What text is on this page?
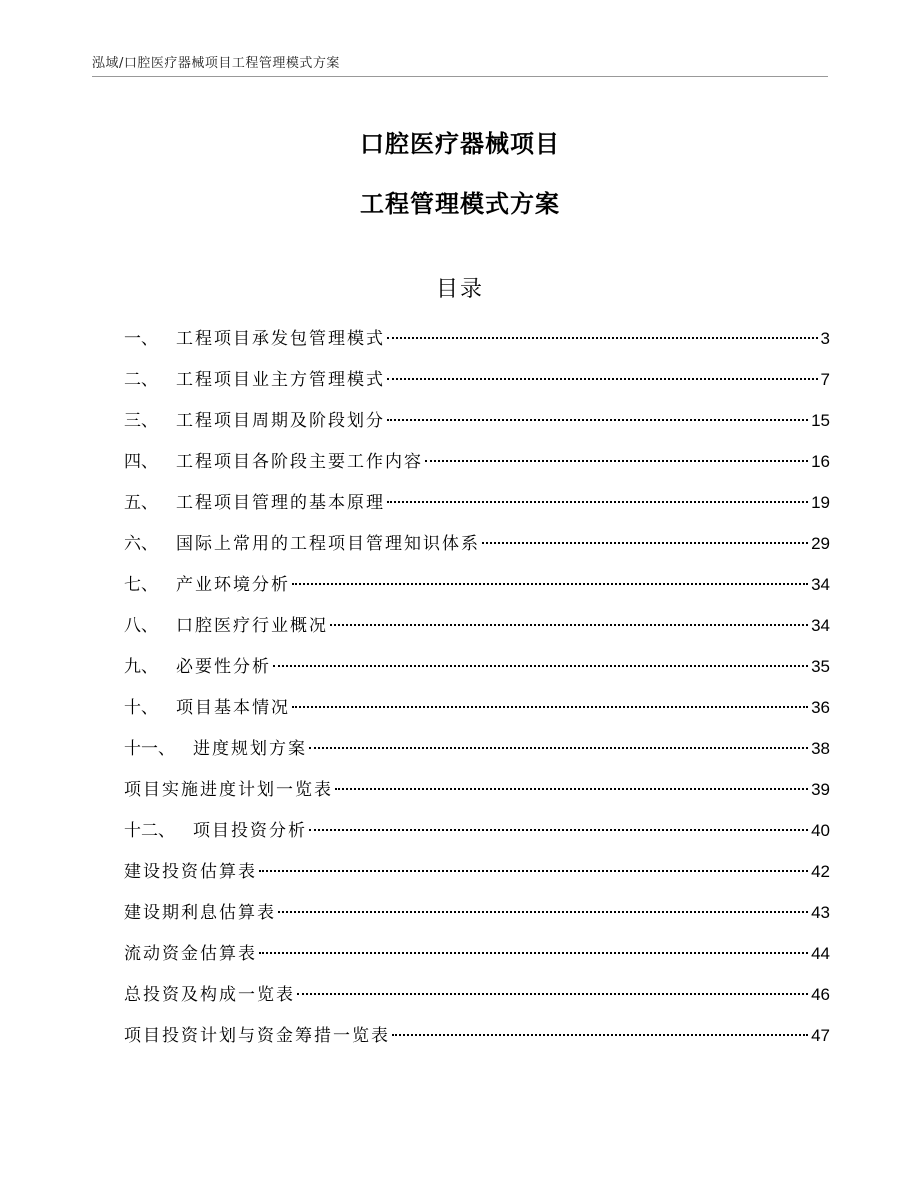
泓域/口腔医疗器械项目工程管理模式方案
口腔医疗器械项目
工程管理模式方案
目录
一、 工程项目承发包管理模式	3
二、 工程项目业主方管理模式	7
三、 工程项目周期及阶段划分	15
四、 工程项目各阶段主要工作内容	16
五、 工程项目管理的基本原理	19
六、 国际上常用的工程项目管理知识体系	29
七、 产业环境分析	34
八、 口腔医疗行业概况	34
九、 必要性分析	35
十、 项目基本情况	36
十一、 进度规划方案	38
项目实施进度计划一览表	39
十二、 项目投资分析	40
建设投资估算表	42
建设期利息估算表	43
流动资金估算表	44
总投资及构成一览表	46
项目投资计划与资金筹措一览表	47
